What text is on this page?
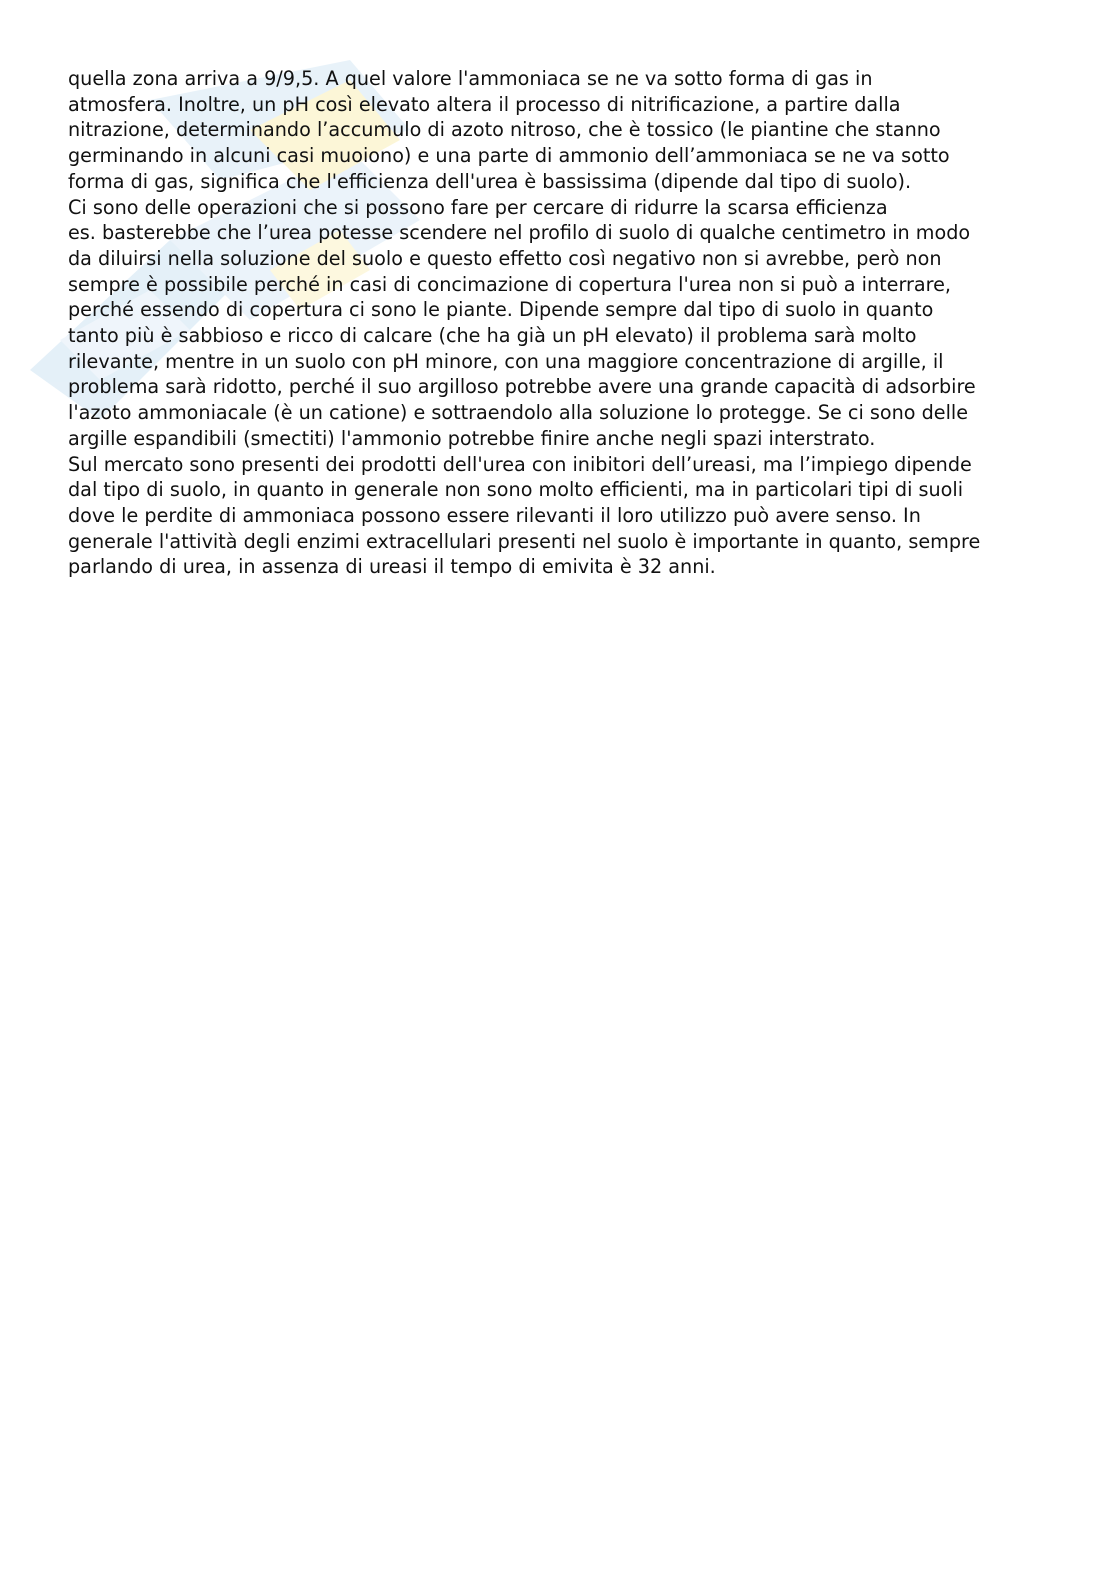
quella zona arriva a 9/9,5. A quel valore l'ammoniaca se ne va sotto forma di gas in
atmosfera. Inoltre, un pH così elevato altera il processo di nitrificazione, a partire dalla
nitrazione, determinando l’accumulo di azoto nitroso, che è tossico (le piantine che stanno
germinando in alcuni casi muoiono) e una parte di ammonio dell’ammoniaca se ne va sotto
forma di gas, significa che l'efficienza dell'urea è bassissima (dipende dal tipo di suolo).
Ci sono delle operazioni che si possono fare per cercare di ridurre la scarsa efficienza
es. basterebbe che l’urea potesse scendere nel profilo di suolo di qualche centimetro in modo
da diluirsi nella soluzione del suolo e questo effetto così negativo non si avrebbe, però non
sempre è possibile perché in casi di concimazione di copertura l'urea non si può a interrare,
perché essendo di copertura ci sono le piante. Dipende sempre dal tipo di suolo in quanto
tanto più è sabbioso e ricco di calcare (che ha già un pH elevato) il problema sarà molto
rilevante, mentre in un suolo con pH minore, con una maggiore concentrazione di argille, il
problema sarà ridotto, perché il suo argilloso potrebbe avere una grande capacità di adsorbire
l'azoto ammoniacale (è un catione) e sottraendolo alla soluzione lo protegge. Se ci sono delle
argille espandibili (smectiti) l'ammonio potrebbe finire anche negli spazi interstrato.
Sul mercato sono presenti dei prodotti dell'urea con inibitori dell’ureasi, ma l’impiego dipende
dal tipo di suolo, in quanto in generale non sono molto efficienti, ma in particolari tipi di suoli
dove le perdite di ammoniaca possono essere rilevanti il loro utilizzo può avere senso. In
generale l'attività degli enzimi extracellulari presenti nel suolo è importante in quanto, sempre
parlando di urea, in assenza di ureasi il tempo di emivita è 32 anni.
